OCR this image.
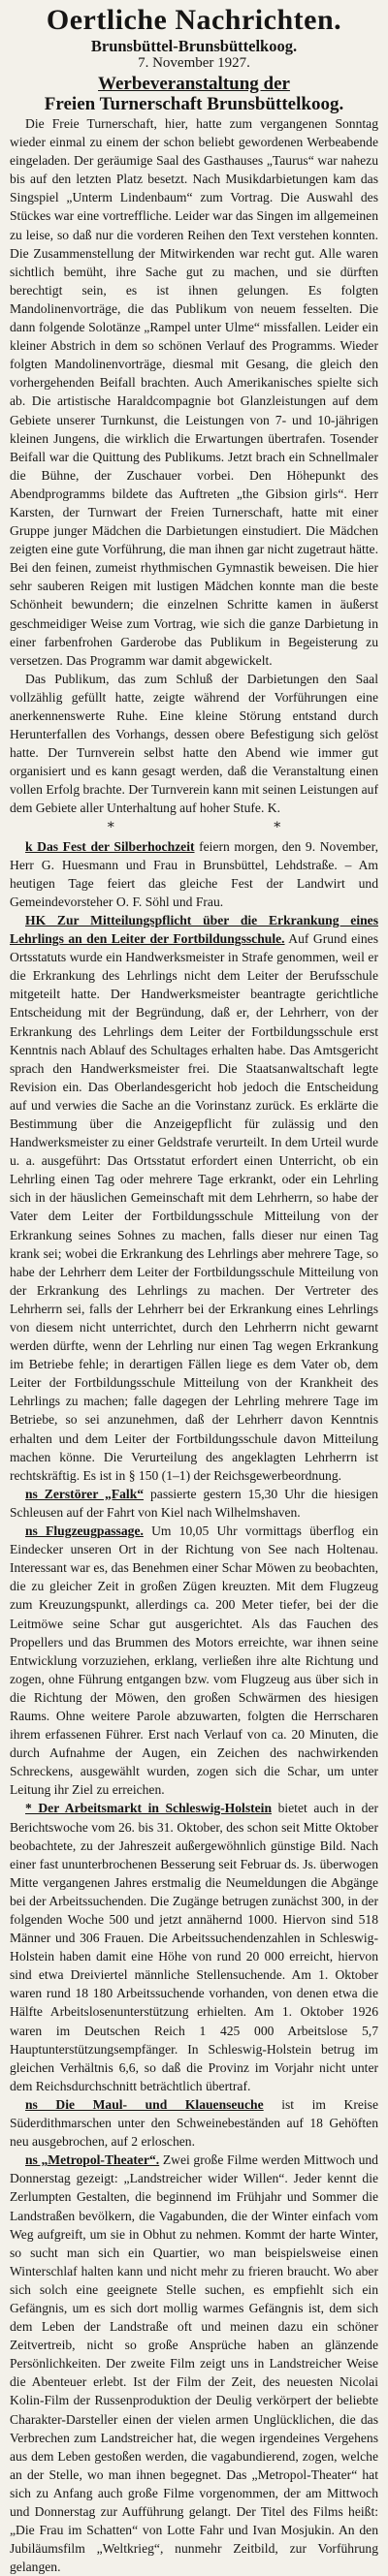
Oertliche Nachrichten.
Brunsbüttel-Brunsbüttelkoog.
7. November 1927.
Werbeveranstaltung der
Freien Turnerschaft Brunsbüttelkoog.

Die Freie Turnerschaft, hier, hatte zum vergangenen Sonntag wieder einmal zu einem der schon beliebt gewordenen Werbeabende eingeladen. Der geräumige Saal des Gasthauses „Taurus“ war nahezu bis auf den letzten Platz besetzt. Nach Musikdarbietungen kam das Singspiel „Unterm Lindenbaum“ zum Vortrag. Die Auswahl des Stückes war eine vortreffliche. Leider war das Singen im allgemeinen zu leise, so daß nur die vorderen Reihen den Text verstehen konnten. Die Zusammenstellung der Mitwirkenden war recht gut. Alle waren sichtlich bemüht, ihre Sache gut zu machen, und sie dürften berechtigt sein, es ist ihnen gelungen. Es folgten Mandolinenvorträge, die das Publikum von neuem fesselten. Die dann folgende Solotänze „Rampel unter Ulme“ missfallen. Leider ein kleiner Abstrich in dem so schönen Verlauf des Programms. Wieder folgten Mandolinenvorträge, diesmal mit Gesang, die gleich den vorhergehenden Beifall brachten. Auch Amerikanisches spielte sich ab. Die artistische Haraldcompagnie bot Glanzleistungen auf dem Gebiete unserer Turnkunst, die Leistungen von 7- und 10-jährigen kleinen Jungens, die wirklich die Erwartungen übertrafen. Tosender Beifall war die Quittung des Publikums. Jetzt brach ein Schnellmaler die Bühne, der Zuschauer vorbei. Den Höhepunkt des Abendprogramms bildete das Auftreten „the Gibsion girls“. Herr Karsten, der Turnwart der Freien Turnerschaft, hatte mit einer Gruppe junger Mädchen die Darbietungen einstudiert. Die Mädchen zeigten eine gute Vorführung, die man ihnen gar nicht zugetraut hätte. Bei den feinen, zumeist rhythmischen Gymnastik beweisen. Die hier sehr sauberen Reigen mit lustigen Mädchen konnte man die beste Schönheit bewundern; die einzelnen Schritte kamen in äußerst geschmeidiger Weise zum Vortrag, wie sich die ganze Darbietung in einer farbenfrohen Garderobe das Publikum in Begeisterung zu versetzen. Das Programm war damit abgewickelt.

Das Publikum, das zum Schluß der Darbietungen den Saal vollzählig gefüllt hatte, zeigte während der Vorführungen eine anerkennenswerte Ruhe. Eine kleine Störung entstand durch Herunterfallen des Vorhangs, dessen obere Befestigung sich gelöst hatte. Der Turnverein selbst hatte den Abend wie immer gut organisiert und es kann gesagt werden, daß die Veranstaltung einen vollen Erfolg brachte. Der Turnverein kann mit seinen Leistungen auf dem Gebiete aller Unterhaltung auf hoher Stufe. K.

* *

k Das Fest der Silberhochzeit feiern morgen, den 9. November, Herr G. Huesmann und Frau in Brunsbüttel, Lehdstraße. – Am heutigen Tage feiert das gleiche Fest der Landwirt und Gemeindevorsteher O. F. Söhl und Frau.

HK Zur Mitteilungspflicht über die Erkrankung eines Lehrlings an den Leiter der Fortbildungsschule. Auf Grund eines Ortsstatuts wurde ein Handwerksmeister in Strafe genommen, weil er die Erkrankung des Lehrlings nicht dem Leiter der Berufsschule mitgeteilt hatte. Der Handwerksmeister beantragte gerichtliche Entscheidung mit der Begründung, daß er, der Lehrherr, von der Erkrankung des Lehrlings dem Leiter der Fortbildungsschule erst Kenntnis nach Ablauf des Schultages erhalten habe. Das Amtsgericht sprach den Handwerksmeister frei. Die Staatsanwaltschaft legte Revision ein. Das Oberlandesgericht hob jedoch die Entscheidung auf und verwies die Sache an die Vorinstanz zurück. Es erklärte die Bestimmung über die Anzeigepflicht für zulässig und den Handwerksmeister zu einer Geldstrafe verurteilt. In dem Urteil wurde u. a. ausgeführt: Das Ortsstatut erfordert einen Unterricht, ob ein Lehrling einen Tag oder mehrere Tage erkrankt, oder ein Lehrling sich in der häuslichen Gemeinschaft mit dem Lehrherrn, so habe der Vater dem Leiter der Fortbildungsschule Mitteilung von der Erkrankung seines Sohnes zu machen, falls dieser nur einen Tag krank sei; wobei die Erkrankung des Lehrlings aber mehrere Tage, so habe der Lehrherr dem Leiter der Fortbildungsschule Mitteilung von der Erkrankung des Lehrlings zu machen. Der Vertreter des Lehrherrn sei, falls der Lehrherr bei der Erkrankung eines Lehrlings von diesem nicht unterrichtet, durch den Lehrherrn nicht gewarnt werden dürfte, wenn der Lehrling nur einen Tag wegen Erkrankung im Betriebe fehle; in derartigen Fällen liege es dem Vater ob, dem Leiter der Fortbildungsschule Mitteilung von der Krankheit des Lehrlings zu machen; falle dagegen der Lehrling mehrere Tage im Betriebe, so sei anzunehmen, daß der Lehrherr davon Kenntnis erhalten und dem Leiter der Fortbildungsschule davon Mitteilung machen könne. Die Verurteilung des angeklagten Lehrherrn ist rechtskräftig. Es ist in § 150 (1–1) der Reichsgewerbeordnung.

ns Zerstörer „Falk“ passierte gestern 15,30 Uhr die hiesigen Schleusen auf der Fahrt von Kiel nach Wilhelmshaven.

ns Flugzeugpassage. Um 10,05 Uhr vormittags überflog ein Eindecker unseren Ort in der Richtung von See nach Holtenau. Interessant war es, das Benehmen einer Schar Möwen zu beobachten, die zu gleicher Zeit in großen Zügen kreuzten. Mit dem Flugzeug zum Kreuzungspunkt, allerdings ca. 200 Meter tiefer, bei der die Leitmöwe seine Schar gut ausgerichtet. Als das Fauchen des Propellers und das Brummen des Motors erreichte, war ihnen seine Entwicklung vorzuziehen, erklang, verließen ihre alte Richtung und zogen, ohne Führung entgangen bzw. vom Flugzeug aus über sich in die Richtung der Möwen, den großen Schwärmen des hiesigen Raums. Ohne weitere Parole abzuwarten, folgten die Herrscharen ihrem erfassenen Führer. Erst nach Verlauf von ca. 20 Minuten, die durch Aufnahme der Augen, ein Zeichen des nachwirkenden Schreckens, ausgewählt wurden, zogen sich die Schar, um unter Leitung ihr Ziel zu erreichen.

* Der Arbeitsmarkt in Schleswig-Holstein bietet auch in der Berichtswoche vom 26. bis 31. Oktober, des schon seit Mitte Oktober beobachtete, zu der Jahreszeit außergewöhnlich günstige Bild. Nach einer fast ununterbrochenen Besserung seit Februar ds. Js. überwogen Mitte vergangenen Jahres erstmalig die Neumeldungen die Abgänge bei der Arbeitssuchenden. Die Zugänge betrugen zunächst 300, in der folgenden Woche 500 und jetzt annähernd 1000. Hiervon sind 518 Männer und 306 Frauen. Die Arbeitssuchendenzahlen in Schleswig-Holstein haben damit eine Höhe von rund 20 000 erreicht, hiervon sind etwa Dreiviertel männliche Stellensuchende. Am 1. Oktober waren rund 18 180 Arbeitssuchende vorhanden, von denen etwa die Hälfte Arbeitslosenunterstützung erhielten. Am 1. Oktober 1926 waren im Deutschen Reich 1 425 000 Arbeitslose 5,7 Hauptunterstützungsempfänger. In Schleswig-Holstein betrug im gleichen Verhältnis 6,6, so daß die Provinz im Vorjahr nicht unter dem Reichsdurchschnitt beträchtlich übertraf.

ns Die Maul- und Klauenseuche ist im Kreise Süderdithmarschen unter den Schweinebeständen auf 18 Gehöften neu ausgebrochen, auf 2 erloschen.

ns „Metropol-Theater“. Zwei große Filme werden Mittwoch und Donnerstag gezeigt: „Landstreicher wider Willen“. Jeder kennt die Zerlumpten Gestalten, die beginnend im Frühjahr und Sommer die Landstraßen bevölkern, die Vagabunden, die der Winter einfach vom Weg aufgreift, um sie in Obhut zu nehmen. Kommt der harte Winter, so sucht man sich ein Quartier, wo man beispielsweise einen Winterschlaf halten kann und nicht mehr zu frieren braucht. Wo aber sich solch eine geeignete Stelle suchen, es empfiehlt sich ein Gefängnis, um es sich dort mollig warmes Gefängnis ist, dem sich dem Leben der Landstraße oft und meinen dazu ein schöner Zeitvertreib, nicht so große Ansprüche haben an glänzende Persönlichkeiten. Der zweite Film zeigt uns in Landstreicher Weise die Abenteuer erlebt. Ist der Film der Zeit, des neuesten Nicolai Kolin-Film der Russenproduktion der Deulig verkörpert der beliebte Charakter-Darsteller einen der vielen armen Unglücklichen, die das Verbrechen zum Landstreicher hat, die wegen irgendeines Vergehens aus dem Leben gestoßen werden, die vagabundierend, zogen, welche an der Stelle, wo man ihnen begegnet. Das „Metropol-Theater“ hat sich zu Anfang auch große Filme vorgenommen, der am Mittwoch und Donnerstag zur Aufführung gelangt. Der Titel des Films heißt: „Die Frau im Schatten“ von Lotte Fahr und Ivan Mosjukin. An den Jubiläumsfilm „Weltkrieg“, nunmehr Zeitbild, zur Vorführung gelangen.
